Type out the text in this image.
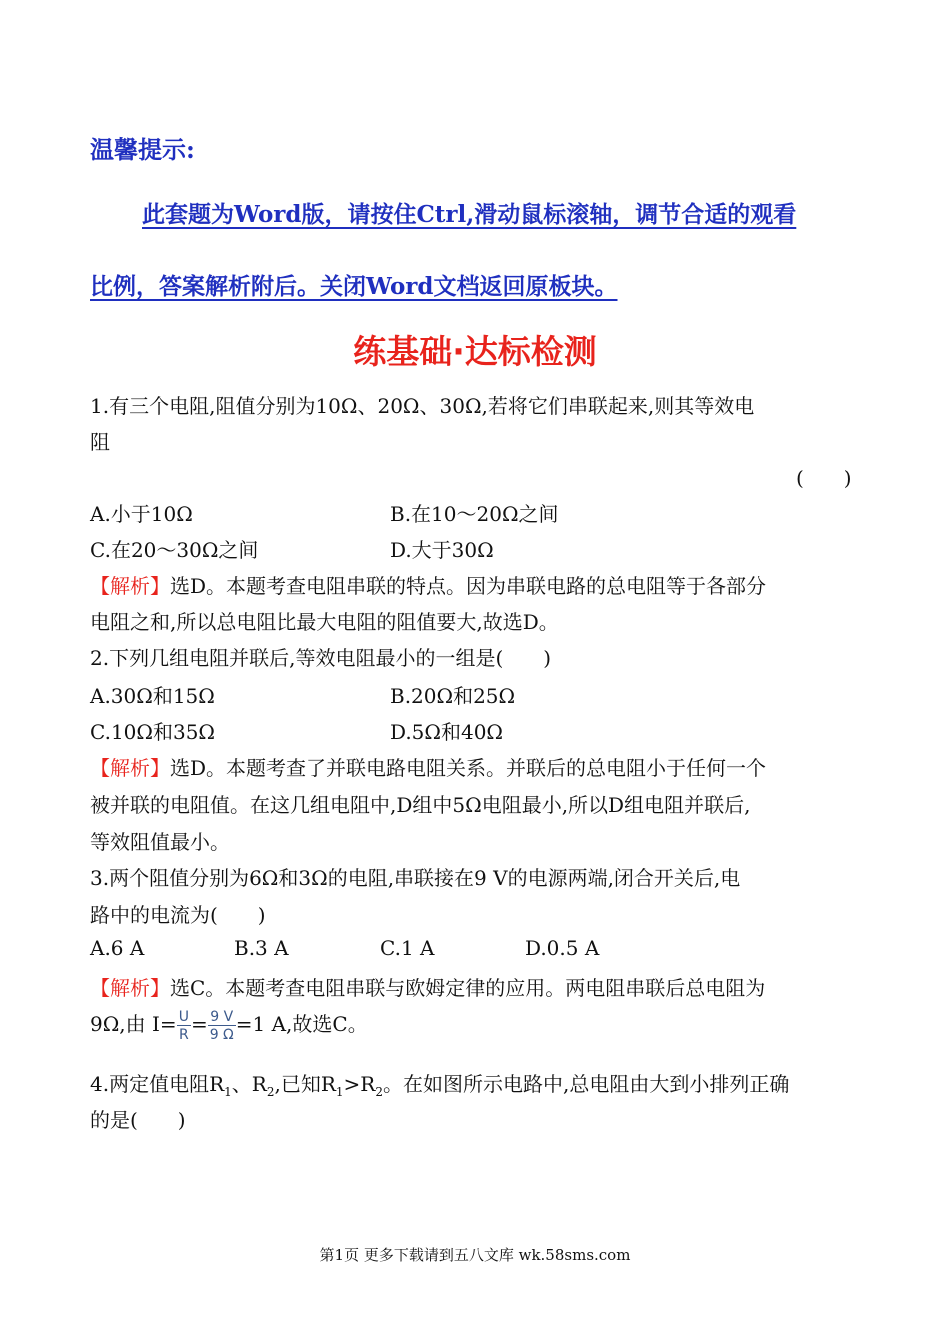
温馨提示:
此套题为Word版，请按住Ctrl,滑动鼠标滚轴，调节合适的观看
比例，答案解析附后。关闭Word文档返回原板块。
练基础·达标检测
1.有三个电阻,阻值分别为10Ω、20Ω、30Ω,若将它们串联起来,则其等效电
阻
(　　)
A.小于10Ω	B.在10～20Ω之间
C.在20～30Ω之间	D.大于30Ω
【解析】选D。本题考查电阻串联的特点。因为串联电路的总电阻等于各部分
电阻之和,所以总电阻比最大电阻的阻值要大,故选D。
2.下列几组电阻并联后,等效电阻最小的一组是(　　)
A.30Ω和15Ω	B.20Ω和25Ω
C.10Ω和35Ω	D.5Ω和40Ω
【解析】选D。本题考查了并联电路电阻关系。并联后的总电阻小于任何一个
被并联的电阻值。在这几组电阻中,D组中5Ω电阻最小,所以D组电阻并联后,
等效阻值最小。
3.两个阻值分别为6Ω和3Ω的电阻,串联接在9 V的电源两端,闭合开关后,电
路中的电流为(　　)
A.6 A	B.3 A	C.1 A	D.0.5 A
【解析】选C。本题考查电阻串联与欧姆定律的应用。两电阻串联后总电阻为
9Ω,由 $I= \frac{U}{R} = \frac{9 V}{9 \Omega} =1$ A,故选C。
4.两定值电阻$R_1$、$R_2$,已知$R_1>R_2$。在如图所示电路中,总电阻由大到小排列正确
的是(　　)
第1页 更多下载请到五八文库 wk.58sms.com
